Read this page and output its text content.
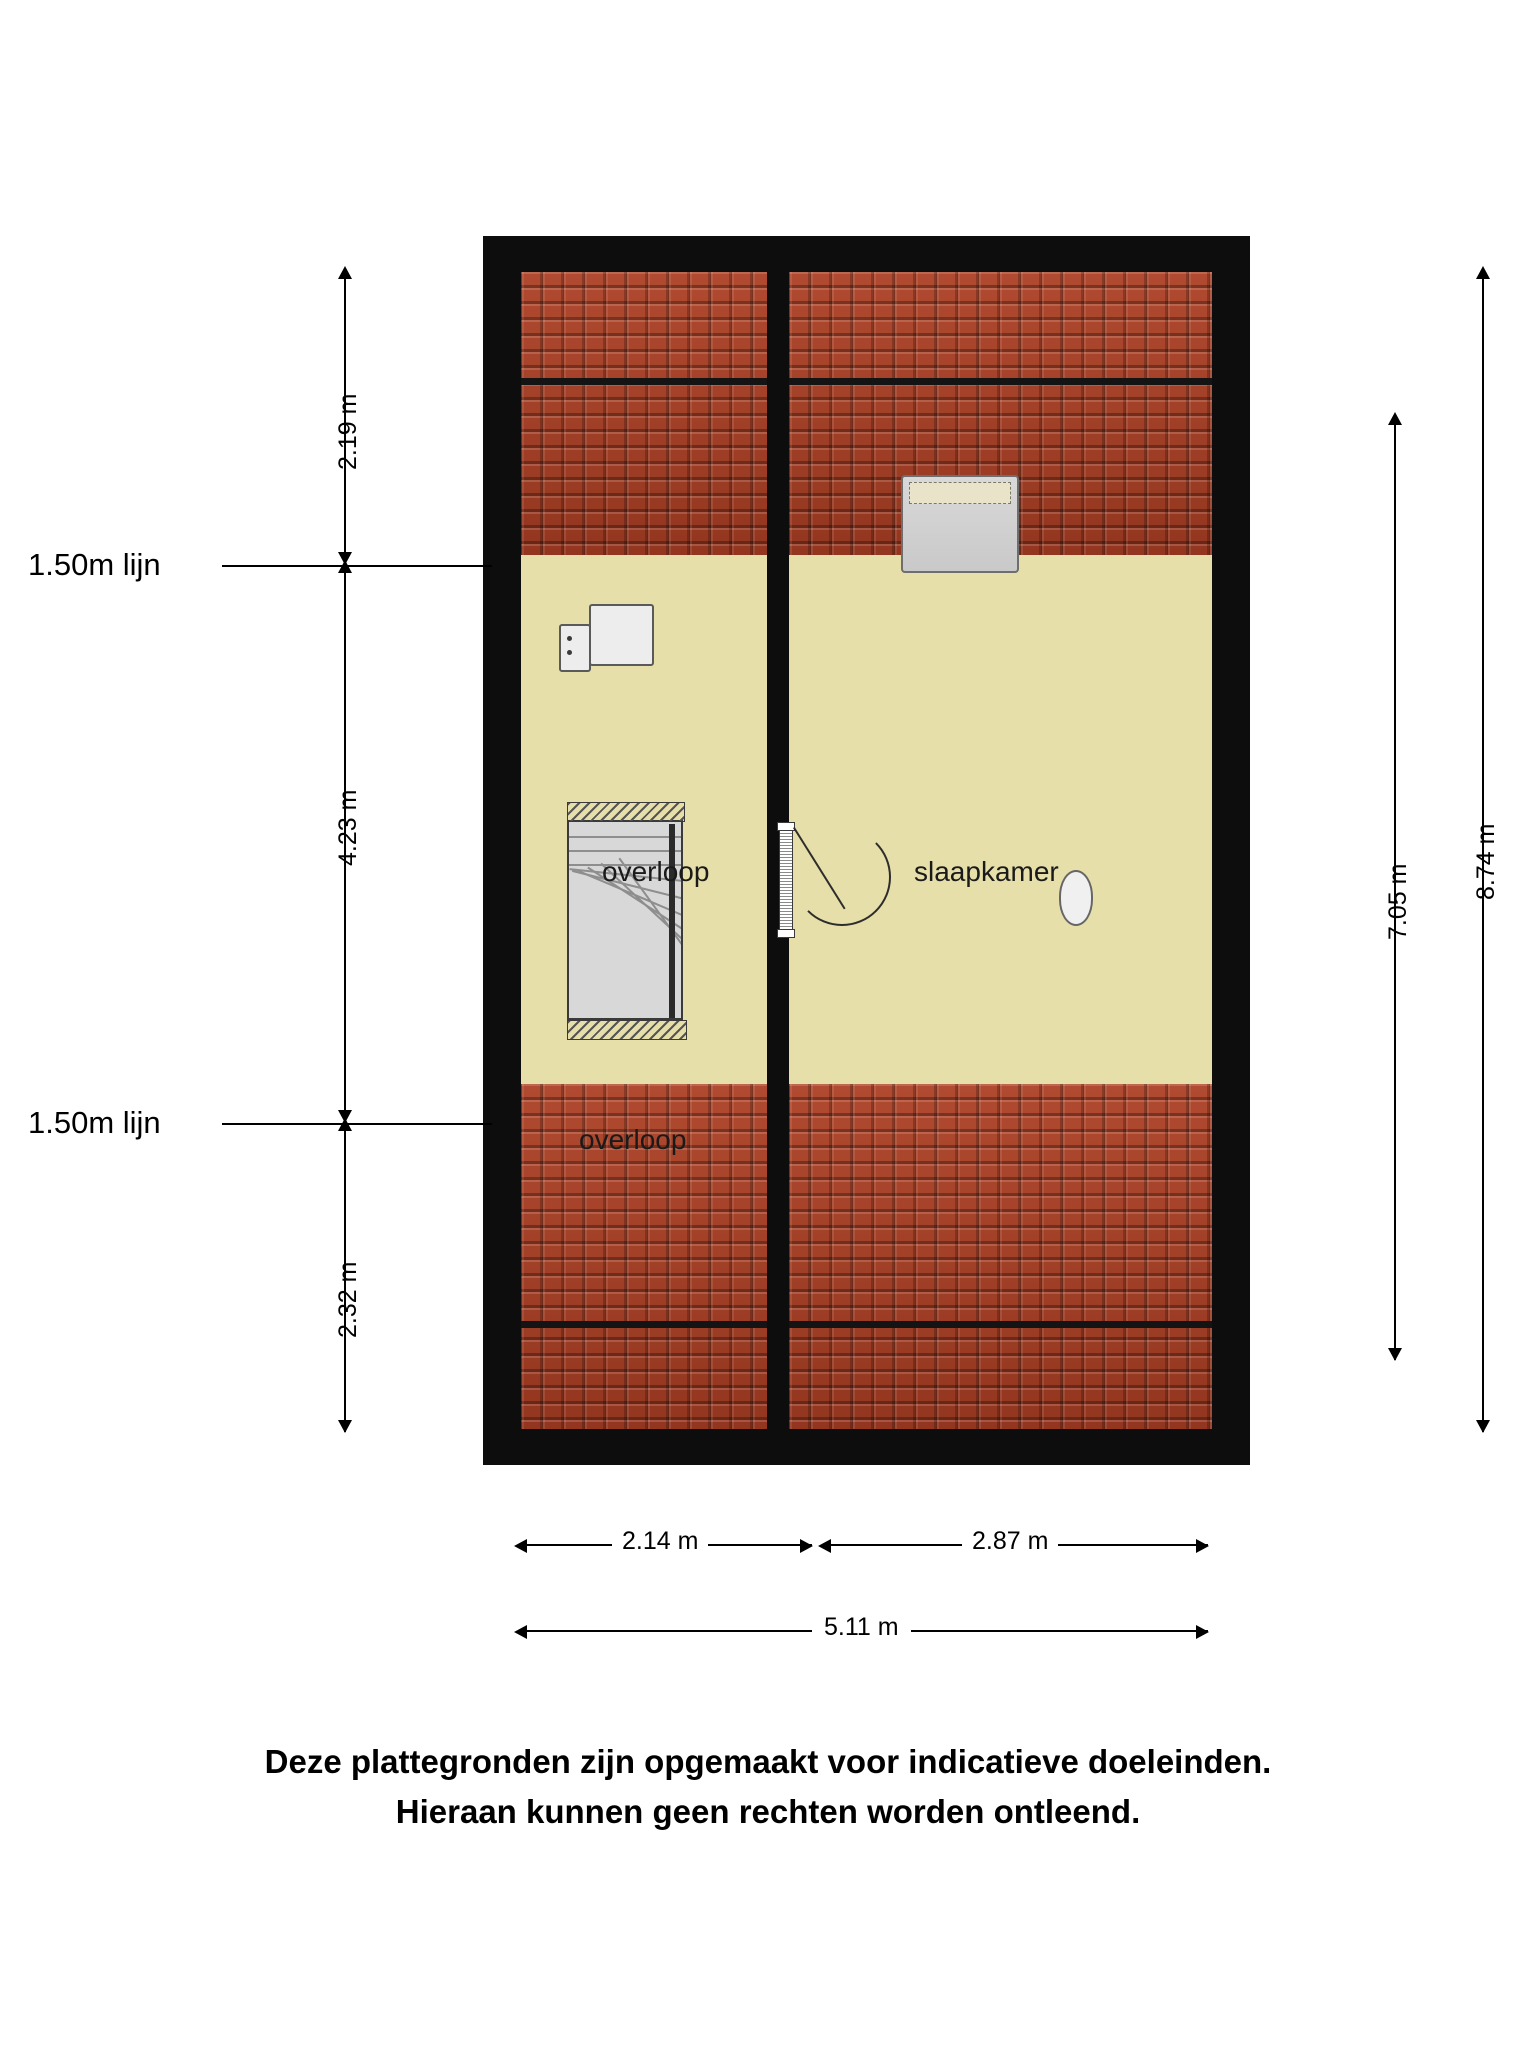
overloop
overloop	slaapkamer
1.50m lijn
1.50m lijn
2.19 m
4.23 m
2.32 m
7.05 m
8.74 m
2.14 m	2.87 m
5.11 m
Deze plattegronden zijn opgemaakt voor indicatieve doeleinden.
Hieraan kunnen geen rechten worden ontleend.
